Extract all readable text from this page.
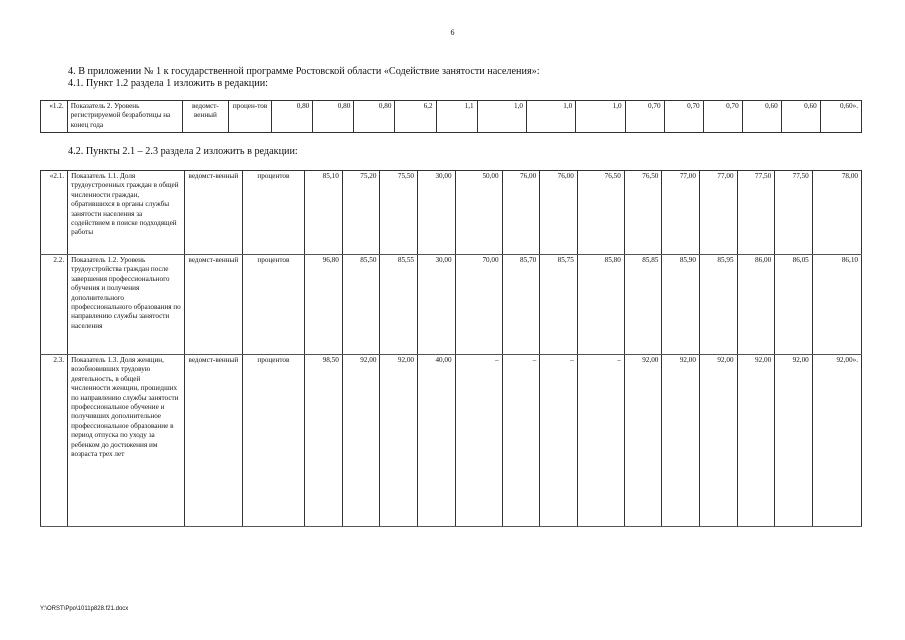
6
4. В приложении № 1 к государственной программе Ростовской области «Содействие занятости населения»:
4.1. Пункт 1.2 раздела 1 изложить в редакции:
4.2. Пункты 2.1 – 2.3 раздела 2 изложить в редакции:
«1.2.	Показатель 2. Уровень регистрируемой безработицы на конец года	ведомст-венный	процен-тов	0,80	0,80	0,80	6,2	1,1	1,0	1,0	1,0	0,70	0,70	0,70	0,60	0,60	0,60».
«2.1.	Показатель 1.1. Доля трудоустроенных граждан в общей численности граждан, обратившихся в органы службы занятости населения за содействием в поиске подходящей работы	ведомст-венный	процентов	85,10	75,20	75,50	30,00	50,00	76,00	76,00	76,50	76,50	77,00	77,00	77,50	77,50	78,00
2.2.	Показатель 1.2. Уровень трудоустройства граждан после завершения профессионального обучения и получения дополнительного профессионального образования по направлению службы занятости населения	ведомст-венный	процентов	96,80	85,50	85,55	30,00	70,00	85,70	85,75	85,80	85,85	85,90	85,95	86,00	86,05	86,10
2.3.	Показатель 1.3. Доля женщин, возобновивших трудовую деятельность, в общей численности женщин, прошедших по направлению службы занятости профессиональное обучение и получивших дополнительное профессиональное образование в период отпуска по уходу за ребенком до достижения им возраста трех лет	ведомст-венный	процентов	98,50	92,00	92,00	40,00	–	–	–	–	92,00	92,00	92,00	92,00	92,00	92,00».
Y:\ORST\Ppo\1011p828.f21.docx
